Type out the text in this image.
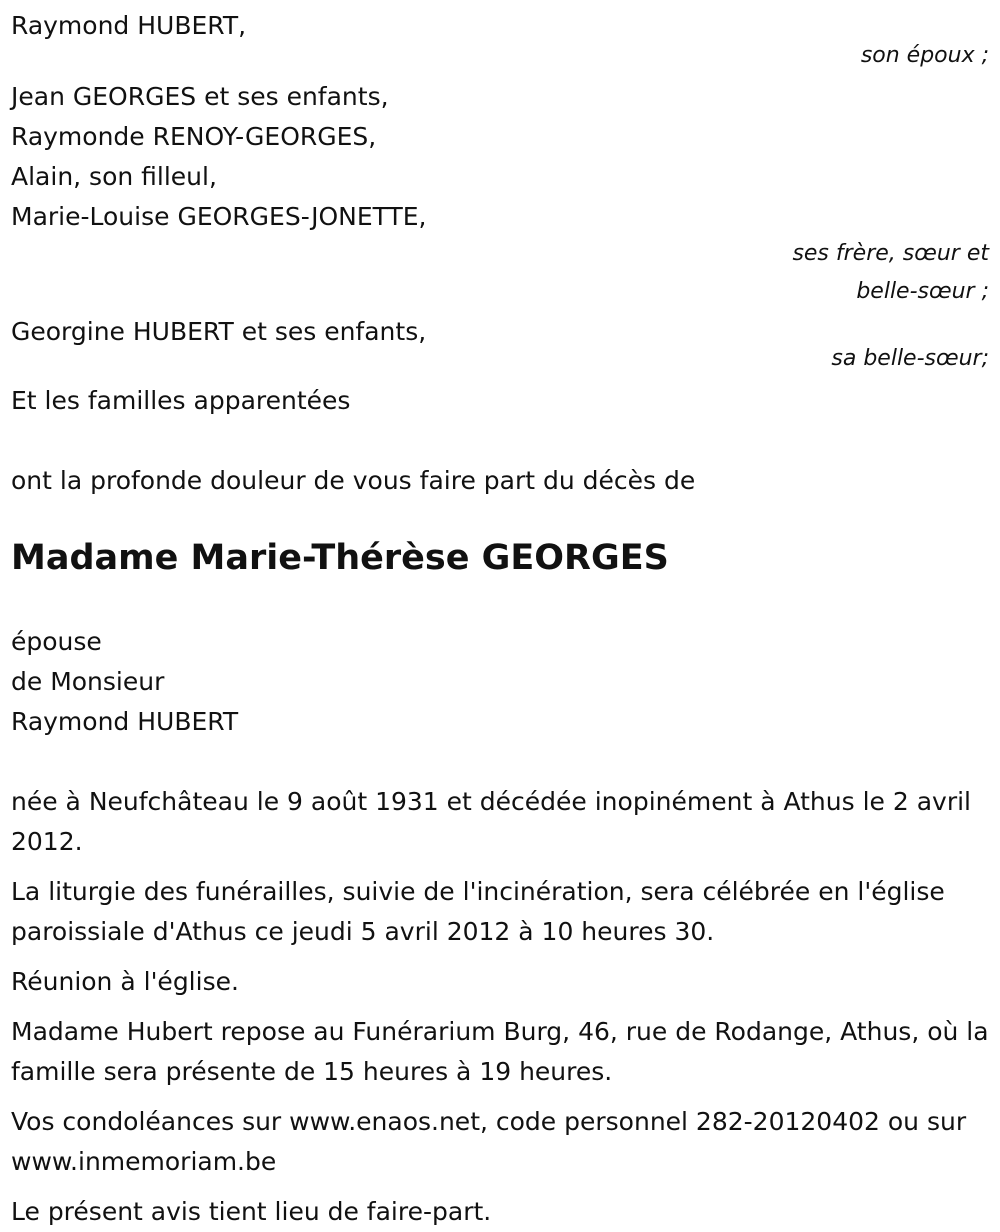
Raymond HUBERT,
son époux ;
Jean GEORGES et ses enfants,
Raymonde RENOY-GEORGES,
Alain, son filleul,
Marie-Louise GEORGES-JONETTE,
ses frère, sœur et
belle-sœur ;
Georgine HUBERT et ses enfants,
sa belle-sœur;
Et les familles apparentées
ont la profonde douleur de vous faire part du décès de
Madame Marie-Thérèse GEORGES
épouse
de Monsieur
Raymond HUBERT
née à Neufchâteau le 9 août 1931 et décédée inopinément à Athus le 2 avril 2012.
La liturgie des funérailles, suivie de l'incinération, sera célébrée en l'église paroissiale d'Athus ce jeudi 5 avril 2012 à 10 heures 30.
Réunion à l'église.
Madame Hubert repose au Funérarium Burg, 46, rue de Rodange, Athus, où la famille sera présente de 15 heures à 19 heures.
Vos condoléances sur www.enaos.net, code personnel 282-20120402 ou sur www.inmemoriam.be
Le présent avis tient lieu de faire-part.
